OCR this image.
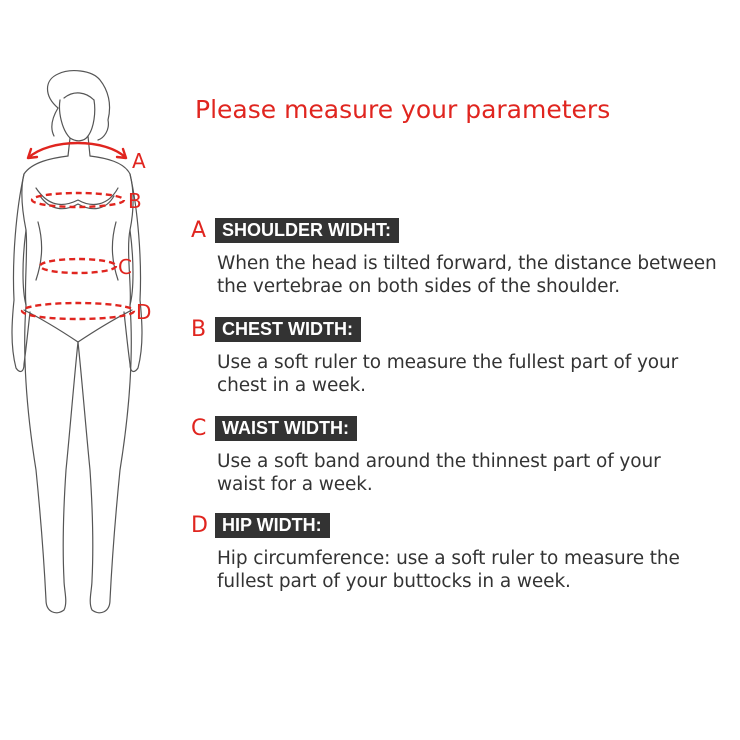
A
B
C
D
Please measure your parameters
A SHOULDER WIDHT:
When the head is tilted forward, the distance between
the vertebrae on both sides of the shoulder.
B CHEST WIDTH:
Use a soft ruler to measure the fullest part of your
chest in a week.
C WAIST WIDTH:
Use a soft band around the thinnest part of your
waist for a week.
D HIP WIDTH:
Hip circumference: use a soft ruler to measure the
fullest part of your buttocks in a week.
